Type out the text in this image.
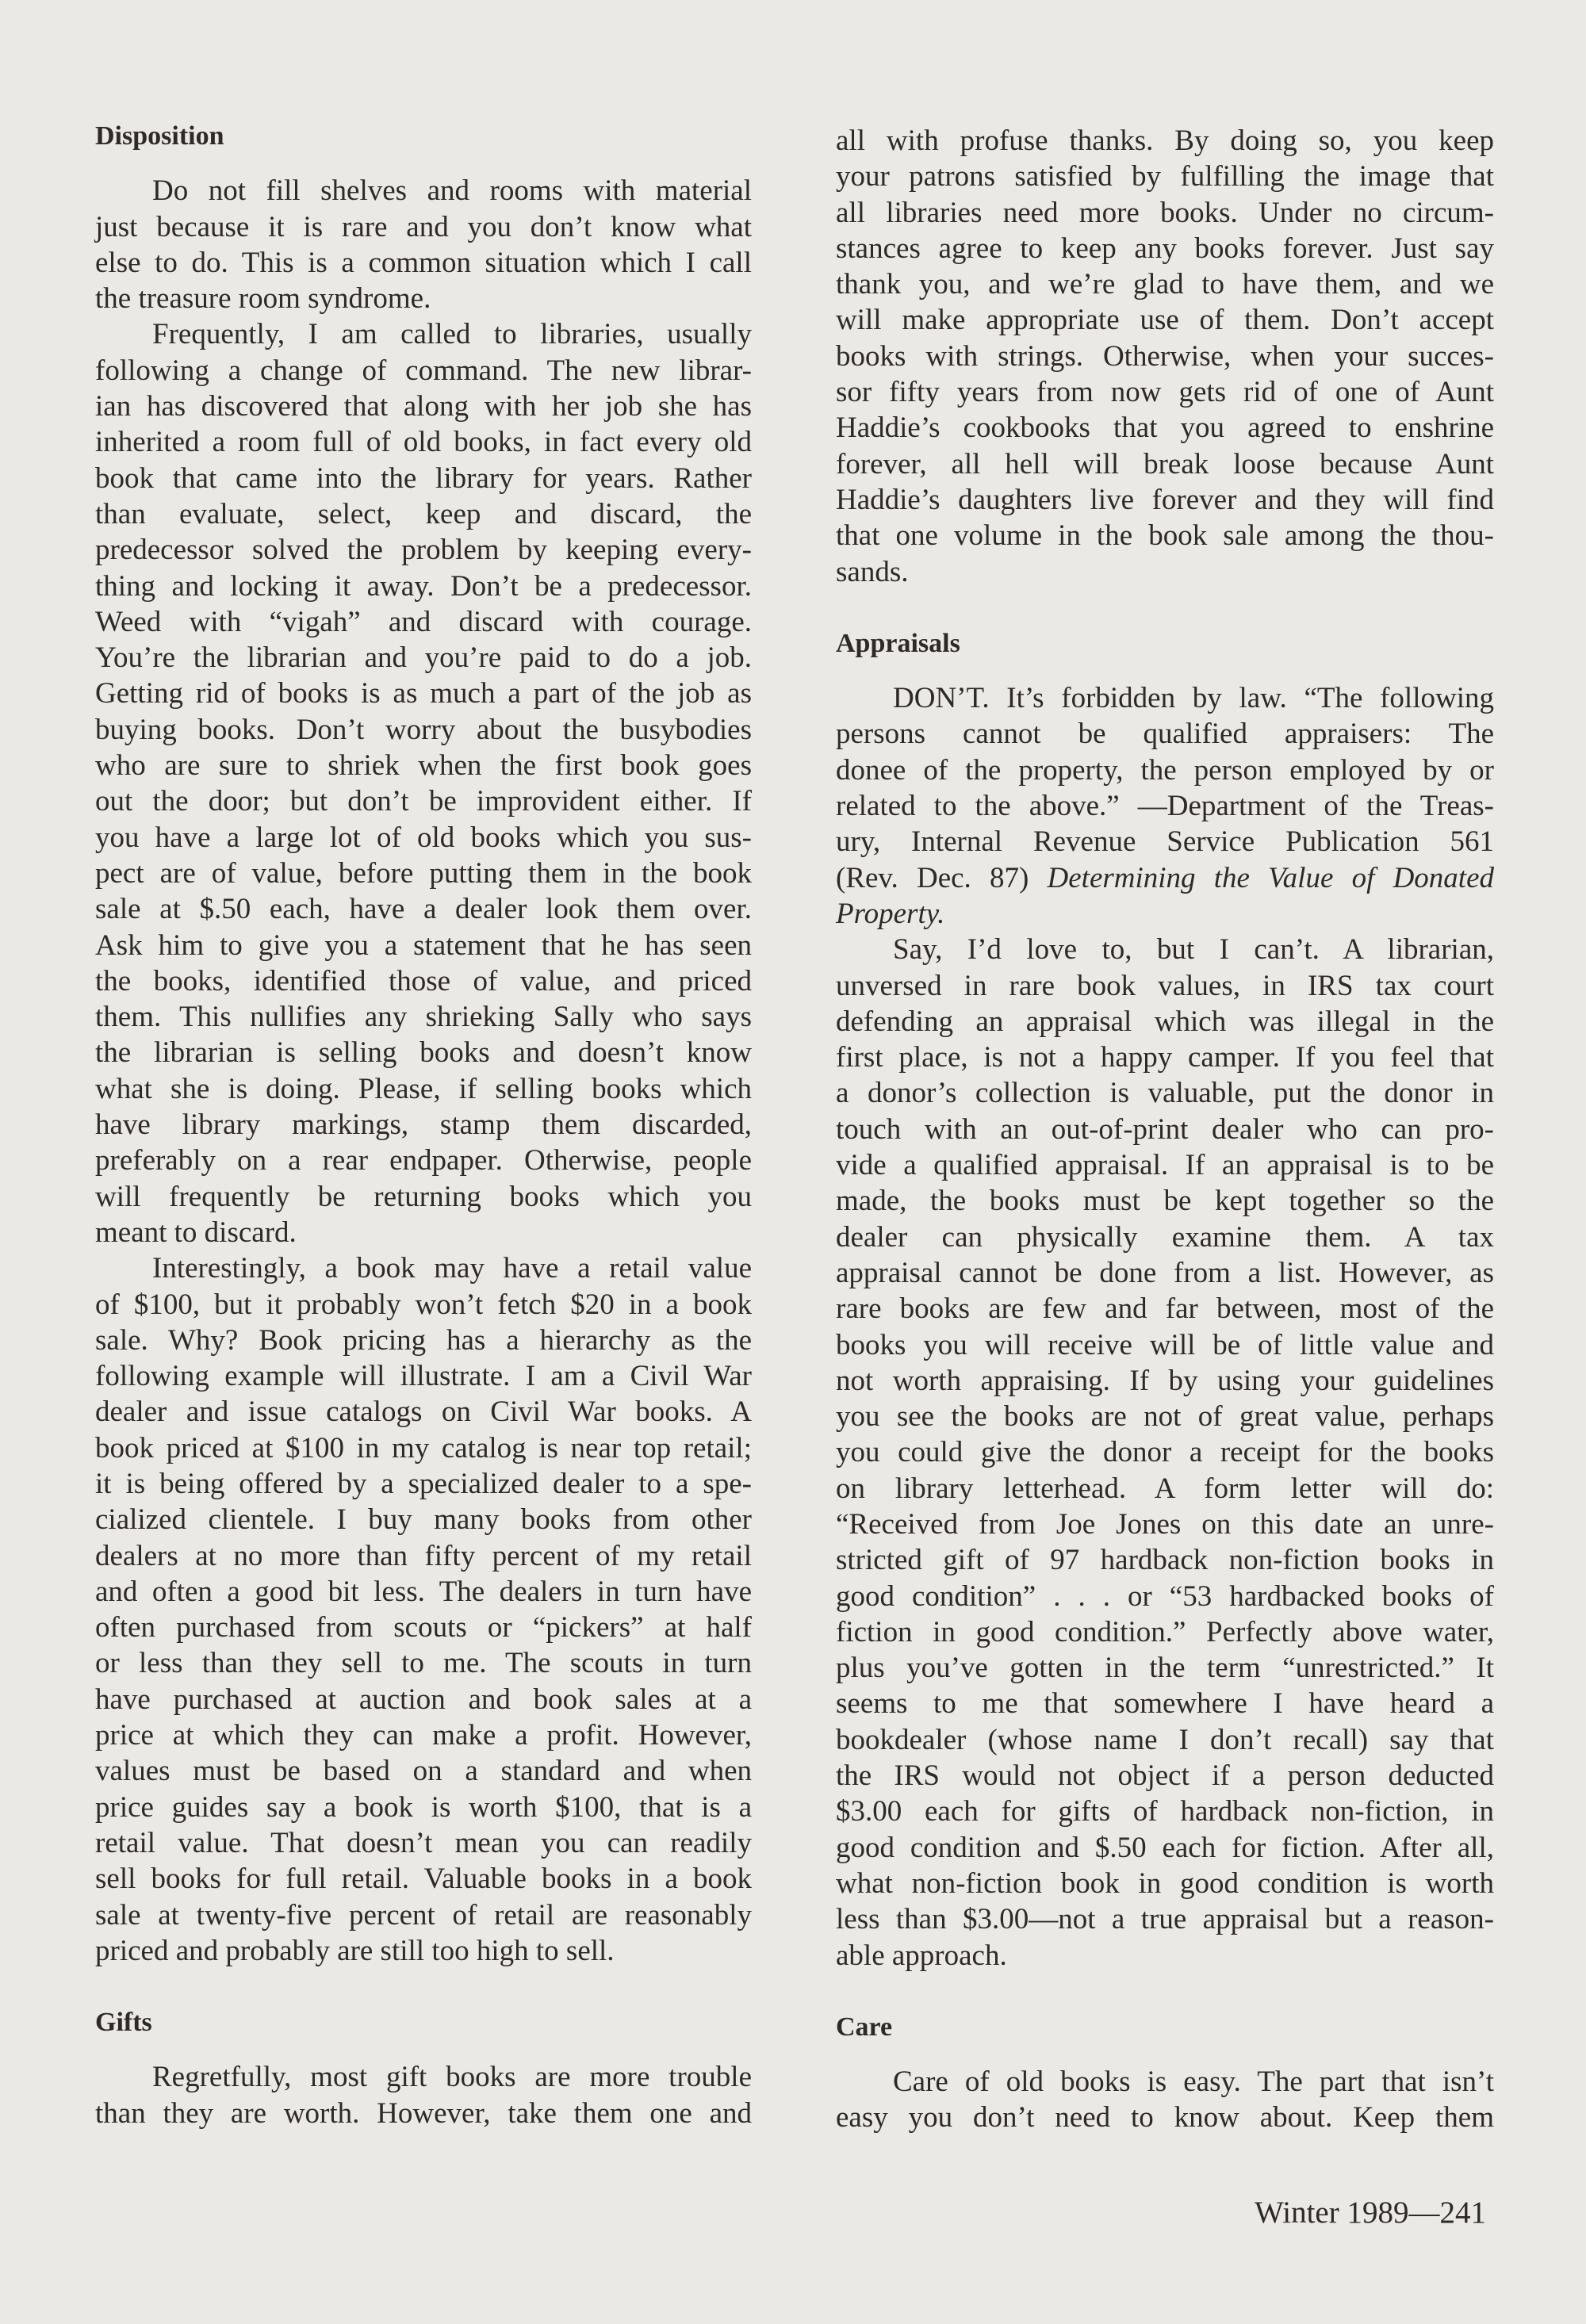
Disposition
Do not fill shelves and rooms with material
just because it is rare and you don’t know what
else to do. This is a common situation which I call
the treasure room syndrome.
Frequently, I am called to libraries, usually
following a change of command. The new librar-
ian has discovered that along with her job she has
inherited a room full of old books, in fact every old
book that came into the library for years. Rather
than evaluate, select, keep and discard, the
predecessor solved the problem by keeping every-
thing and locking it away. Don’t be a predecessor.
Weed with “vigah” and discard with courage.
You’re the librarian and you’re paid to do a job.
Getting rid of books is as much a part of the job as
buying books. Don’t worry about the busybodies
who are sure to shriek when the first book goes
out the door; but don’t be improvident either. If
you have a large lot of old books which you sus-
pect are of value, before putting them in the book
sale at $.50 each, have a dealer look them over.
Ask him to give you a statement that he has seen
the books, identified those of value, and priced
them. This nullifies any shrieking Sally who says
the librarian is selling books and doesn’t know
what she is doing. Please, if selling books which
have library markings, stamp them discarded,
preferably on a rear endpaper. Otherwise, people
will frequently be returning books which you
meant to discard.
Interestingly, a book may have a retail value
of $100, but it probably won’t fetch $20 in a book
sale. Why? Book pricing has a hierarchy as the
following example will illustrate. I am a Civil War
dealer and issue catalogs on Civil War books. A
book priced at $100 in my catalog is near top retail;
it is being offered by a specialized dealer to a spe-
cialized clientele. I buy many books from other
dealers at no more than fifty percent of my retail
and often a good bit less. The dealers in turn have
often purchased from scouts or “pickers” at half
or less than they sell to me. The scouts in turn
have purchased at auction and book sales at a
price at which they can make a profit. However,
values must be based on a standard and when
price guides say a book is worth $100, that is a
retail value. That doesn’t mean you can readily
sell books for full retail. Valuable books in a book
sale at twenty-five percent of retail are reasonably
priced and probably are still too high to sell.
Gifts
Regretfully, most gift books are more trouble
than they are worth. However, take them one and
all with profuse thanks. By doing so, you keep
your patrons satisfied by fulfilling the image that
all libraries need more books. Under no circum-
stances agree to keep any books forever. Just say
thank you, and we’re glad to have them, and we
will make appropriate use of them. Don’t accept
books with strings. Otherwise, when your succes-
sor fifty years from now gets rid of one of Aunt
Haddie’s cookbooks that you agreed to enshrine
forever, all hell will break loose because Aunt
Haddie’s daughters live forever and they will find
that one volume in the book sale among the thou-
sands.
Appraisals
DON’T. It’s forbidden by law. “The following
persons cannot be qualified appraisers: The
donee of the property, the person employed by or
related to the above.” —Department of the Treas-
ury, Internal Revenue Service Publication 561
(Rev. Dec. 87) Determining the Value of Donated
Property.
Say, I’d love to, but I can’t. A librarian,
unversed in rare book values, in IRS tax court
defending an appraisal which was illegal in the
first place, is not a happy camper. If you feel that
a donor’s collection is valuable, put the donor in
touch with an out-of-print dealer who can pro-
vide a qualified appraisal. If an appraisal is to be
made, the books must be kept together so the
dealer can physically examine them. A tax
appraisal cannot be done from a list. However, as
rare books are few and far between, most of the
books you will receive will be of little value and
not worth appraising. If by using your guidelines
you see the books are not of great value, perhaps
you could give the donor a receipt for the books
on library letterhead. A form letter will do:
“Received from Joe Jones on this date an unre-
stricted gift of 97 hardback non-fiction books in
good condition” . . . or “53 hardbacked books of
fiction in good condition.” Perfectly above water,
plus you’ve gotten in the term “unrestricted.” It
seems to me that somewhere I have heard a
bookdealer (whose name I don’t recall) say that
the IRS would not object if a person deducted
$3.00 each for gifts of hardback non-fiction, in
good condition and $.50 each for fiction. After all,
what non-fiction book in good condition is worth
less than $3.00—not a true appraisal but a reason-
able approach.
Care
Care of old books is easy. The part that isn’t
easy you don’t need to know about. Keep them
Winter 1989—241
